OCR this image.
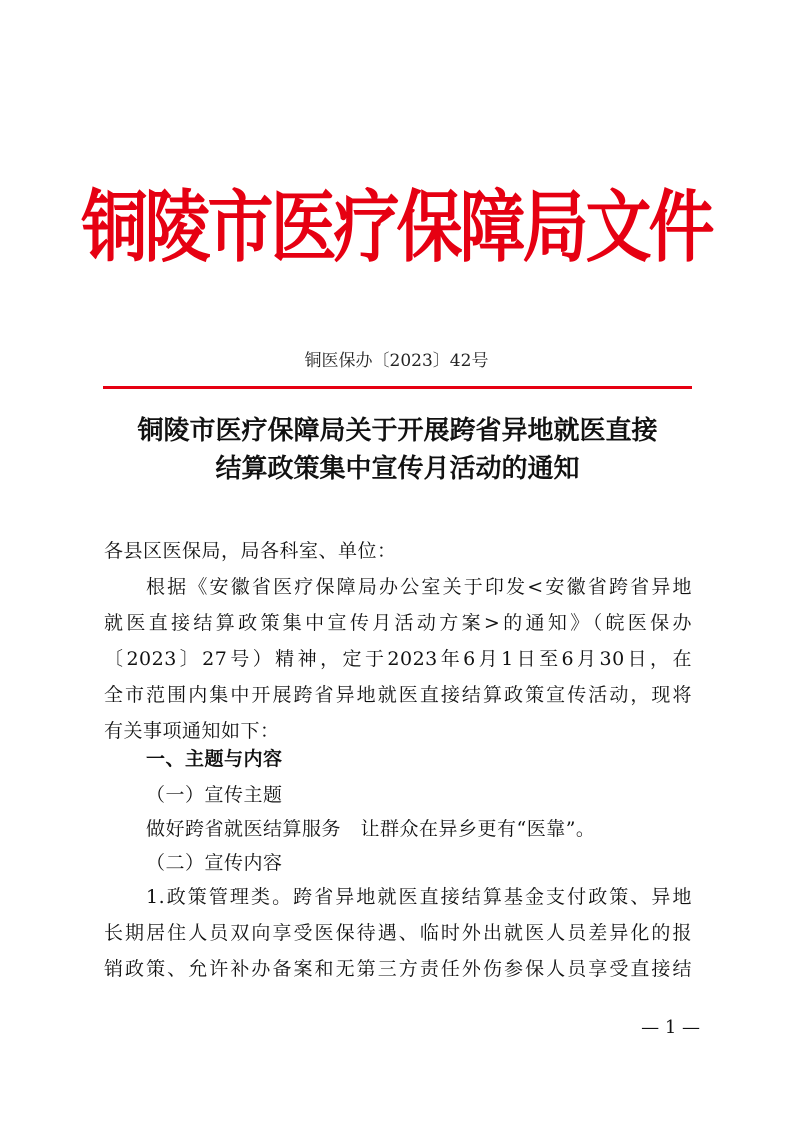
铜陵市医疗保障局文件
铜医保办〔2023〕42号
铜陵市医疗保障局关于开展跨省异地就医直接
结算政策集中宣传月活动的通知
各县区医保局，局各科室、单位：
根据《安徽省医疗保障局办公室关于印发<安徽省跨省异地
就医直接结算政策集中宣传月活动方案>的通知》（皖医保办
〔2023〕27号）精神，定于2023年6月1日至6月30日，在
全市范围内集中开展跨省异地就医直接结算政策宣传活动，现将
有关事项通知如下：
一、主题与内容
（一）宣传主题
做好跨省就医结算服务　让群众在异乡更有“医靠”。
（二）宣传内容
1.政策管理类。跨省异地就医直接结算基金支付政策、异地
长期居住人员双向享受医保待遇、临时外出就医人员差异化的报
销政策、允许补办备案和无第三方责任外伤参保人员享受直接结
— 1 —
